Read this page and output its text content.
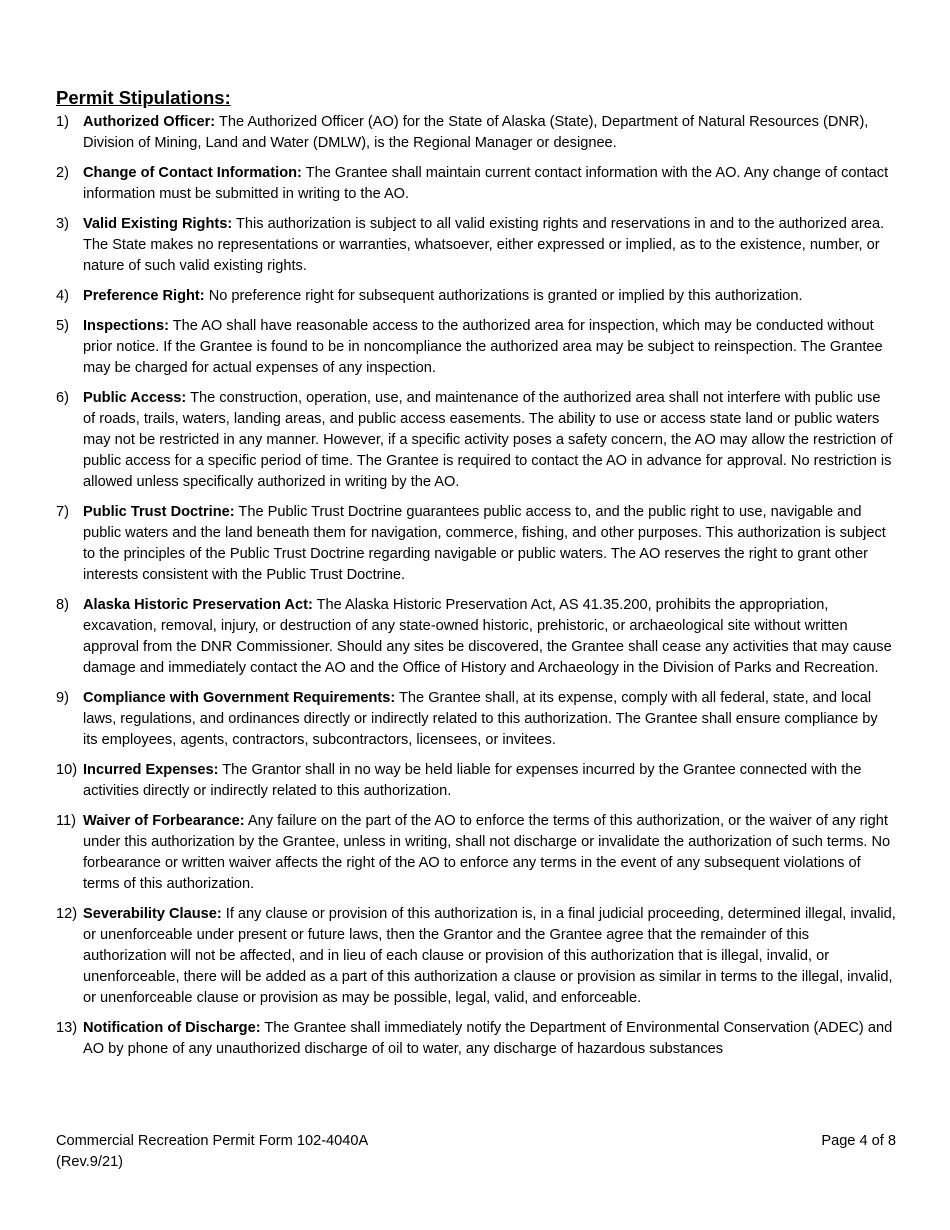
Permit Stipulations:
1) Authorized Officer: The Authorized Officer (AO) for the State of Alaska (State), Department of Natural Resources (DNR), Division of Mining, Land and Water (DMLW), is the Regional Manager or designee.
2) Change of Contact Information: The Grantee shall maintain current contact information with the AO. Any change of contact information must be submitted in writing to the AO.
3) Valid Existing Rights: This authorization is subject to all valid existing rights and reservations in and to the authorized area. The State makes no representations or warranties, whatsoever, either expressed or implied, as to the existence, number, or nature of such valid existing rights.
4) Preference Right: No preference right for subsequent authorizations is granted or implied by this authorization.
5) Inspections: The AO shall have reasonable access to the authorized area for inspection, which may be conducted without prior notice. If the Grantee is found to be in noncompliance the authorized area may be subject to reinspection. The Grantee may be charged for actual expenses of any inspection.
6) Public Access: The construction, operation, use, and maintenance of the authorized area shall not interfere with public use of roads, trails, waters, landing areas, and public access easements. The ability to use or access state land or public waters may not be restricted in any manner. However, if a specific activity poses a safety concern, the AO may allow the restriction of public access for a specific period of time. The Grantee is required to contact the AO in advance for approval. No restriction is allowed unless specifically authorized in writing by the AO.
7) Public Trust Doctrine: The Public Trust Doctrine guarantees public access to, and the public right to use, navigable and public waters and the land beneath them for navigation, commerce, fishing, and other purposes. This authorization is subject to the principles of the Public Trust Doctrine regarding navigable or public waters. The AO reserves the right to grant other interests consistent with the Public Trust Doctrine.
8) Alaska Historic Preservation Act: The Alaska Historic Preservation Act, AS 41.35.200, prohibits the appropriation, excavation, removal, injury, or destruction of any state-owned historic, prehistoric, or archaeological site without written approval from the DNR Commissioner. Should any sites be discovered, the Grantee shall cease any activities that may cause damage and immediately contact the AO and the Office of History and Archaeology in the Division of Parks and Recreation.
9) Compliance with Government Requirements: The Grantee shall, at its expense, comply with all federal, state, and local laws, regulations, and ordinances directly or indirectly related to this authorization. The Grantee shall ensure compliance by its employees, agents, contractors, subcontractors, licensees, or invitees.
10) Incurred Expenses: The Grantor shall in no way be held liable for expenses incurred by the Grantee connected with the activities directly or indirectly related to this authorization.
11) Waiver of Forbearance: Any failure on the part of the AO to enforce the terms of this authorization, or the waiver of any right under this authorization by the Grantee, unless in writing, shall not discharge or invalidate the authorization of such terms. No forbearance or written waiver affects the right of the AO to enforce any terms in the event of any subsequent violations of terms of this authorization.
12) Severability Clause: If any clause or provision of this authorization is, in a final judicial proceeding, determined illegal, invalid, or unenforceable under present or future laws, then the Grantor and the Grantee agree that the remainder of this authorization will not be affected, and in lieu of each clause or provision of this authorization that is illegal, invalid, or unenforceable, there will be added as a part of this authorization a clause or provision as similar in terms to the illegal, invalid, or unenforceable clause or provision as may be possible, legal, valid, and enforceable.
13) Notification of Discharge: The Grantee shall immediately notify the Department of Environmental Conservation (ADEC) and AO by phone of any unauthorized discharge of oil to water, any discharge of hazardous substances
Commercial Recreation Permit Form 102-4040A
(Rev.9/21)
Page 4 of 8
